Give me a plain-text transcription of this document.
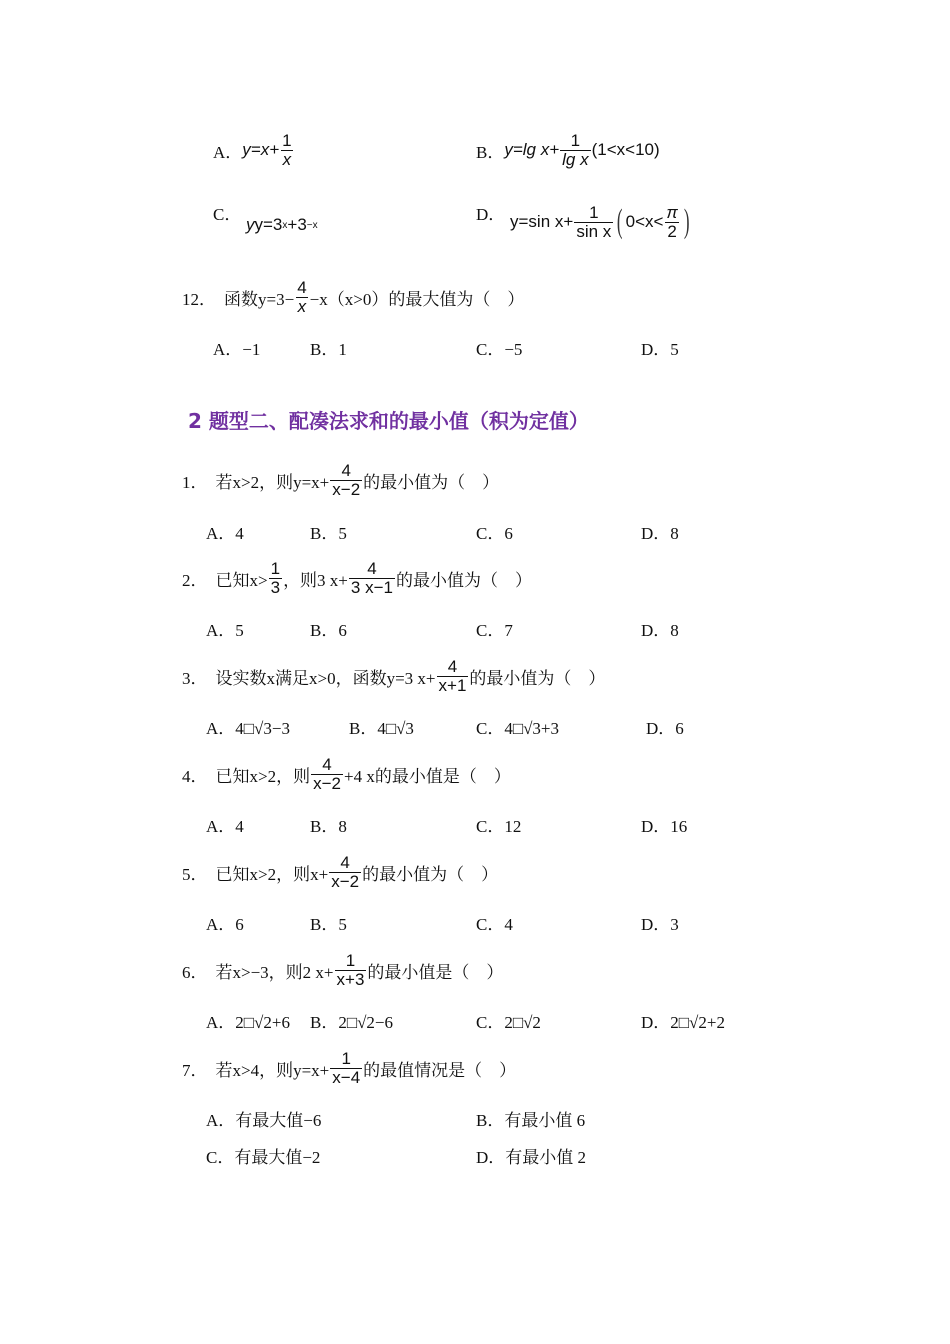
A． $y=x+ \frac{1}{x}$	B． y=lg $x+ \frac{1}{\text{lg x}} (1<x<10)$
C．
y y=3 x +3 −x
D． y=sin $x+ \frac{1}{\text{sin x}}$ ( $0<x< \frac{\pi}{2}$ )
12． 函数$y=3- \frac{4}{x} -x(x>0)$的最大值为（　）
A．−1	B．1	C．−5	D．5
2 题型二、配凑法求和的最小值（积为定值）
1． 若x>2，则$y=x+ \frac{4}{x-2}$ 的最小值为（　）
A．4	B．5	C．6	D．8
2． 已知$x> \frac{1}{3}$ ，则3 $x+ \frac{4}{3 x-1}$ 的最小值为（　）
A．5	B．6	C．7	D．8
3． 设实数x满足x>0，函数y=3 $x+ \frac{4}{x+1}$ 的最小值为（　）
A．4□√3−3	B．4□√3	C．4□√3+3	D．6
4． 已知x>2，则 $\frac{4}{x-2} +4$ x的最小值是（　）
A．4	B．8	C．12	D．16
5． 已知x>2，则$x+ \frac{4}{x-2}$ 的最小值为（　）
A．6	B．5	C．4	D．3
6． 若x>−3，则2 $x+ \frac{1}{x+3}$ 的最小值是（　）
A．2□√2+6 B．2□√2−6	C．2□√2	D．2□√2+2
7． 若x>4，则$y=x+ \frac{1}{x-4}$ 的最值情况是（　）
A．有最大值−6	B．有最小值 6
C．有最大值−2	D．有最小值 2
